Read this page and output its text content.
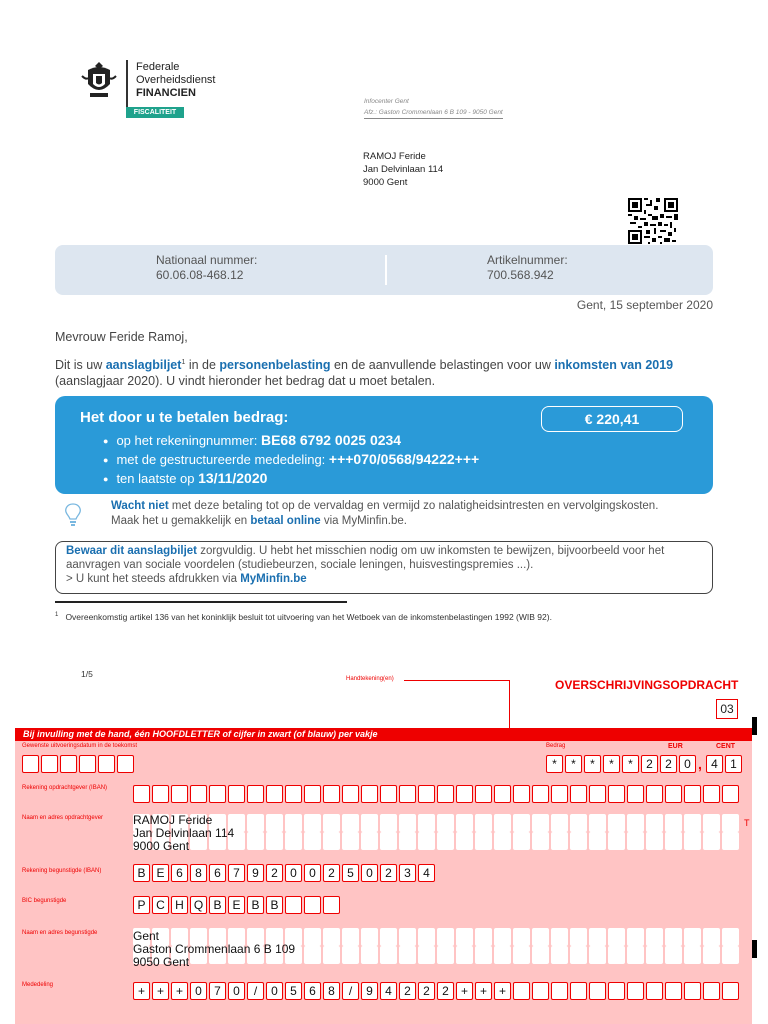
Federale
Overheidsdienst
FINANCIEN
FISCALITEIT
Infocenter Gent
Afz.: Gaston Crommenlaan 6 B 109 - 9050 Gent
RAMOJ Feride
Jan Delvinlaan 114
9000 Gent
Nationaal nummer:
60.06.08-468.12
Artikelnummer:
700.568.942
Gent, 15 september 2020
Mevrouw Feride Ramoj,
Dit is uw aanslagbiljet$^1$ in de personenbelasting en de aanvullende belastingen voor uw inkomsten van 2019
(aanslagjaar 2020). U vindt hieronder het bedrag dat u moet betalen.
Het door u te betalen bedrag:
● op het rekeningnummer: BE68 6792 0025 0234
● met de gestructureerde mededeling: +++070/0568/94222+++
● ten laatste op 13/11/2020
€ 220,41
Wacht niet met deze betaling tot op de vervaldag en vermijd zo nalatigheidsintresten en vervolgingskosten.
Maak het u gemakkelijk en betaal online via MyMinfin.be.
Bewaar dit aanslagbiljet zorgvuldig. U hebt het misschien nodig om uw inkomsten te bewijzen, bijvoorbeeld voor het aanvragen van sociale voordelen (studiebeurzen, sociale leningen, huisvestingspremies ...).
> U kunt het steeds afdrukken via MyMinfin.be
$^1$ Overeenkomstig artikel 136 van het koninklijk besluit tot uitvoering van het Wetboek van de inkomstenbelastingen 1992 (WIB 92).
1/5	Handtekening(en)	OVERSCHRIJVINGSOPDRACHT
03
Bij invulling met de hand, één HOOFDLETTER of cijfer in zwart (of blauw) per vakje
T
Gewenste uitvoeringsdatum in de toekomst	Bedrag	EUR	CENT
*	*	*	*	*	2	2	0 , 4	1
Rekening opdrachtgever (IBAN)
Naam en adres opdrachtgever RAMOJ Feride
Jan Delvinlaan 114
9000 Gent
Rekening begunstigde (IBAN)	B E 6	8	6	7	9	2	0	0	2	5	0	2	3	4
BIC begunstigde	P C H Q B E B B
Naam en adres begunstigde	Gent
Gaston Crommenlaan 6 B 109
9050 Gent
Mededeling	+ + +	0	7	0	/	0	5	6	8	/	9	4	2	2	2	+ + +
